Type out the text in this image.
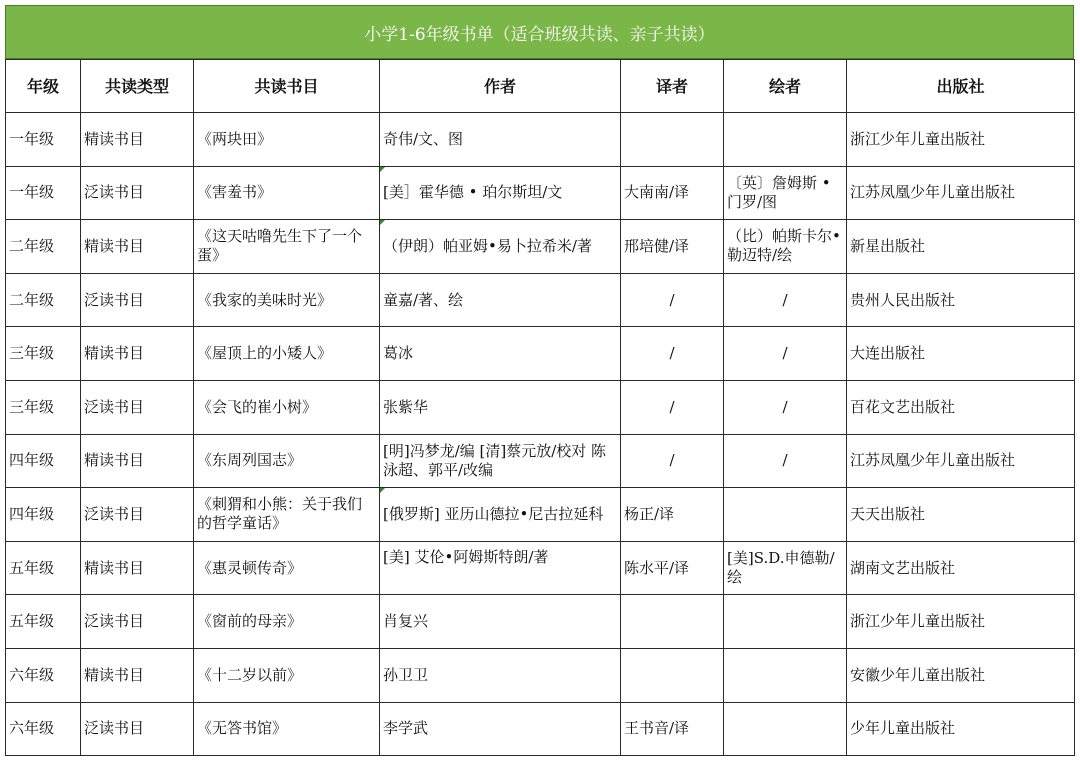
小学1-6年级书单（适合班级共读、亲子共读）
年级	共读类型	共读书目	作者	译者	绘者	出版社
一年级	精读书目	《两块田》	奇伟/文、图			浙江少年儿童出版社
一年级	泛读书目	《害羞书》	[美］霍华德 • 珀尔斯坦/文	大南南/译	〔英〕詹姆斯 • 门罗/图	江苏凤凰少年儿童出版社
二年级	精读书目	《这天咕噜先生下了一个蛋》	（伊朗）帕亚姆•易卜拉希米/著	邢培健/译	（比）帕斯卡尔•勒迈特/绘	新星出版社
二年级	泛读书目	《我家的美味时光》	童嘉/著、绘	/	/	贵州人民出版社
三年级	精读书目	《屋顶上的小矮人》	葛冰	/	/	大连出版社
三年级	泛读书目	《会飞的崔小树》	张紫华	/	/	百花文艺出版社
四年级	精读书目	《东周列国志》	[明]冯梦龙/编 [清]蔡元放/校对 陈泳超、郭平/改编	/	/	江苏凤凰少年儿童出版社
四年级	泛读书目	《刺猬和小熊：关于我们的哲学童话》	[俄罗斯] 亚历山德拉•尼古拉延科	杨正/译		天天出版社
五年级	精读书目	《惠灵顿传奇》	[美] 艾伦•阿姆斯特朗/著	陈水平/译	[美]S.D.申德勒/绘	湖南文艺出版社
五年级	泛读书目	《窗前的母亲》	肖复兴			浙江少年儿童出版社
六年级	精读书目	《十二岁以前》	孙卫卫			安徽少年儿童出版社
六年级	泛读书目	《无答书馆》	李学武	王书音/译		少年儿童出版社
